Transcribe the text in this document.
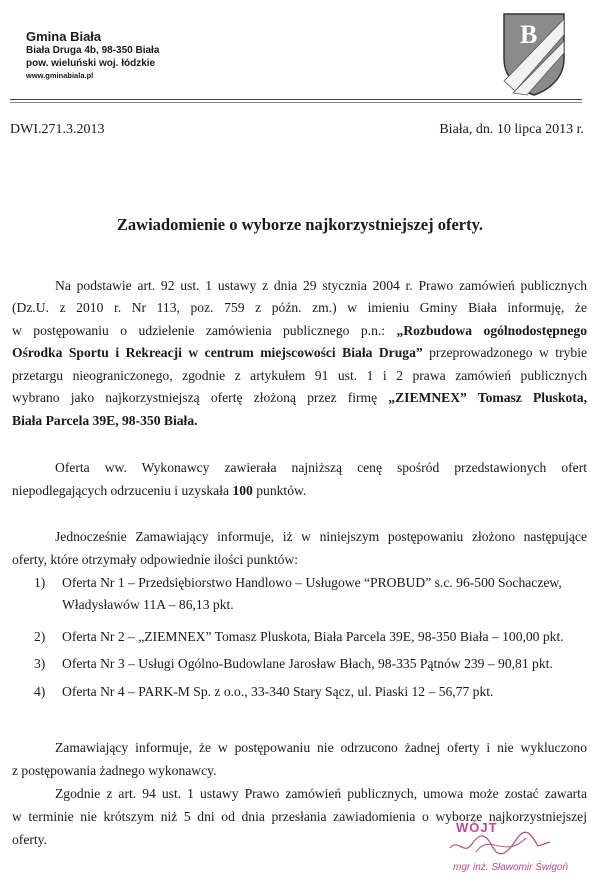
Gmina Biała
Biała Druga 4b, 98-350 Biała
pow. wieluński woj. łódzkie
www.gminabiala.pl
B
DWI.271.3.2013	Biała, dn. 10 lipca 2013 r.
Zawiadomienie o wyborze najkorzystniejszej oferty.
Na podstawie art. 92 ust. 1 ustawy z dnia 29 stycznia 2004 r. Prawo zamówień publicznych
(Dz.U. z 2010 r. Nr 113, poz. 759 z późn. zm.) w imieniu Gminy Biała informuję, że
w postępowaniu o udzielenie zamówienia publicznego p.n.: „Rozbudowa ogólnodostępnego
Ośrodka Sportu i Rekreacji w centrum miejscowości Biała Druga” przeprowadzonego w trybie
przetargu nieograniczonego, zgodnie z artykułem 91 ust. 1 i 2 prawa zamówień publicznych
wybrano jako najkorzystniejszą ofertę złożoną przez firmę „ZIEMNEX” Tomasz Pluskota,
Biała Parcela 39E, 98-350 Biała.
Oferta ww. Wykonawcy zawierała najniższą cenę spośród przedstawionych ofert
niepodlegających odrzuceniu i uzyskała 100 punktów.
Jednocześnie Zamawiający informuje, iż w niniejszym postępowaniu złożono następujące
oferty, które otrzymały odpowiednie ilości punktów:
1) Oferta Nr 1 – Przedsiębiorstwo Handlowo – Usługowe “PROBUD” s.c. 96-500 Sochaczew,
Władysławów 11A – 86,13 pkt.
2) Oferta Nr 2 – „ZIEMNEX” Tomasz Pluskota, Biała Parcela 39E, 98-350 Biała – 100,00 pkt.
3) Oferta Nr 3 – Usługi Ogólno-Budowlane Jarosław Błach, 98-335 Pątnów 239 – 90,81 pkt.
4) Oferta Nr 4 – PARK-M Sp. z o.o., 33-340 Stary Sącz, ul. Piaski 12 – 56,77 pkt.
Zamawiający informuje, że w postępowaniu nie odrzucono żadnej oferty i nie wykluczono
z postępowania żadnego wykonawcy.
Zgodnie z art. 94 ust. 1 ustawy Prawo zamówień publicznych, umowa może zostać zawarta
w terminie nie krótszym niż 5 dni od dnia przesłania zawiadomienia o wyborze najkorzystniejszej
oferty.
WÓJT
mgr inż. Sławomir Świgoń
